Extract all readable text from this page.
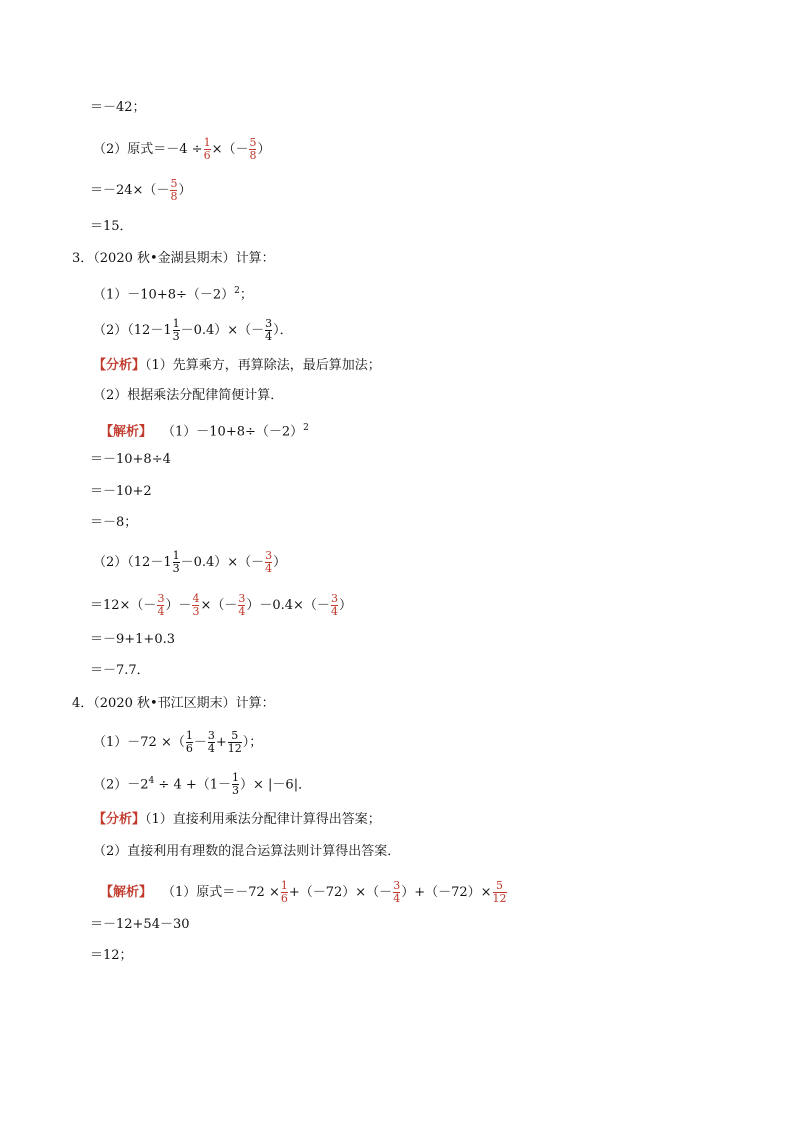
＝－42；
（2）原式$=-4 \div \frac{1}{6}$ ×（－ $\frac{5}{8}$ ）
$=-24\times(- \frac{5}{8}$ ）
＝15．
3．（2020 秋•金湖县期末）计算：
$(1)-10+8\div(-2)^2$；
$(2)(12-1 \frac{1}{3} -0.4)\times(- \frac{3}{4}$ ）．
【分析】（1）先算乘方，再算除法，最后算加法；
（2）根据乘法分配律简便计算．
【解析】 $(1)-10+8\div(-2)^2$
＝－10+8÷4
＝－10+2
＝－8；
$(2)(12-1 \frac{1}{3} -0.4)\times(- \frac{3}{4}$ ）
$=12\times(- \frac{3}{4}$ ）－ $\frac{4}{3}$ ×（－ $\frac{3}{4} )-0.4\times(- \frac{3}{4}$ ）
＝－9+1+0.3
＝－7.7．
4．（2020 秋•邗江区期末）计算：
（1）－72 ×（ $\frac{1}{6} - \frac{3}{4} + \frac{5}{12}$ ）；
$(2)-2^4 \div 4 +(1- \frac{1}{3}$ ）× |－6|．
【分析】（1）直接利用乘法分配律计算得出答案；
（2）直接利用有理数的混合运算法则计算得出答案．
【解析】 （1）原式$=-72 \times \frac{1}{6} +(-72)\times(- \frac{3}{4} )+(-72)\times \frac{5}{12}$
＝－12+54－30
＝12；
